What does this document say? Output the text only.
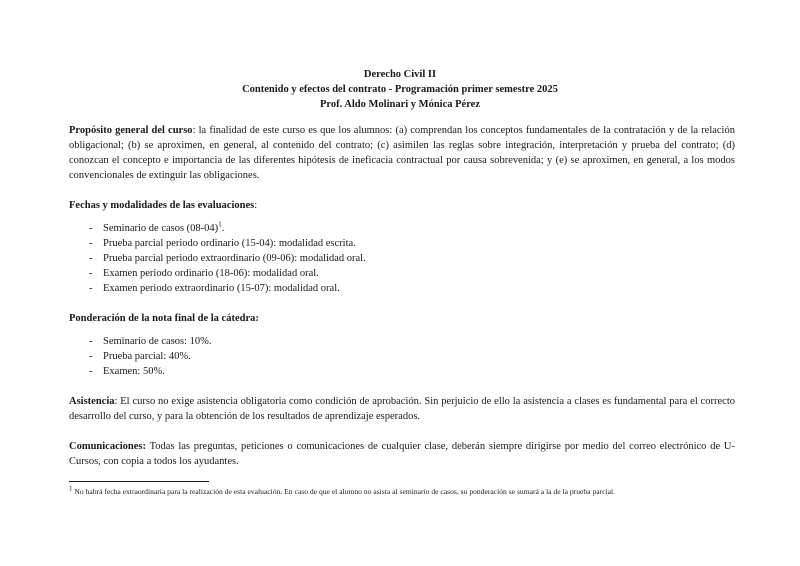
Derecho Civil II
Contenido y efectos del contrato - Programación primer semestre 2025
Prof. Aldo Molinari y Mónica Pérez

Propósito general del curso: la finalidad de este curso es que los alumnos: (a) comprendan los conceptos fundamentales de la contratación y de la relación obligacional; (b) se aproximen, en general, al contenido del contrato; (c) asimilen las reglas sobre integración, interpretación y prueba del contrato; (d) conozcan el concepto e importancia de las diferentes hipótesis de ineficacia contractual por causa sobrevenida; y (e) se aproximen, en general, a los modos convencionales de extinguir las obligaciones.

Fechas y modalidades de las evaluaciones:

- Seminario de casos $(08-04)^1$.
- Prueba parcial periodo ordinario (15-04): modalidad escrita.
- Prueba parcial periodo extraordinario (09-06): modalidad oral.
- Examen periodo ordinario (18-06): modalidad oral.
- Examen periodo extraordinario (15-07): modalidad oral.

Ponderación de la nota final de la cátedra:

- Seminario de casos: 10%.
- Prueba parcial: 40%.
- Examen: 50%.

Asistencia: El curso no exige asistencia obligatoria como condición de aprobación. Sin perjuicio de ello la asistencia a clases es fundamental para el correcto desarrollo del curso, y para la obtención de los resultados de aprendizaje esperados.

Comunicaciones: Todas las preguntas, peticiones o comunicaciones de cualquier clase, deberán siempre dirigirse por medio del correo electrónico de U-Cursos, con copia a todos los ayudantes.

$^1$ No habrá fecha extraordinaria para la realización de esta evaluación. En caso de que el alumno no asista al seminario de casos, su ponderación se sumará a la de la prueba parcial.
